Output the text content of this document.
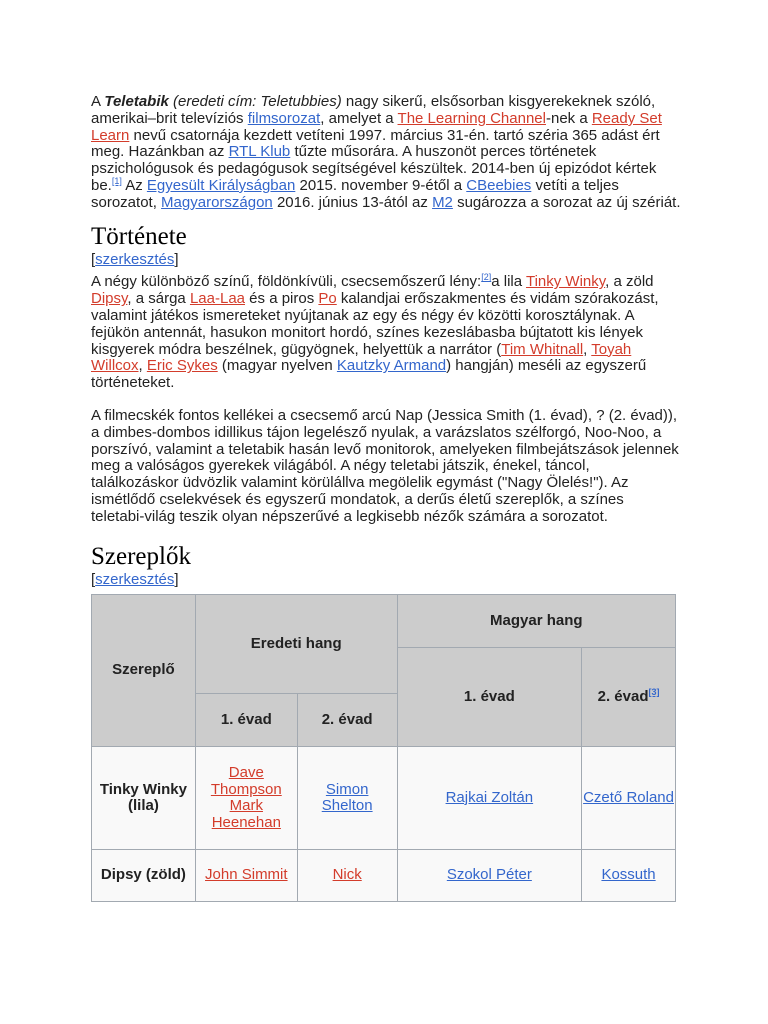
A Teletabik (eredeti cím: Teletubbies) nagy sikerű, elsősorban kisgyerekeknek szóló, amerikai–brit televíziós filmsorozat, amelyet a The Learning Channel-nek a Ready Set Learn nevű csatornája kezdett vetíteni 1997. március 31-én. tartó széria 365 adást ért meg. Hazánkban az RTL Klub tűzte műsorára. A huszonöt perces történetek pszichológusok és pedagógusok segítségével készültek. 2014-ben új epizódot kértek be.[1] Az Egyesült Királyságban 2015. november 9-étől a CBeebies vetíti a teljes sorozatot, Magyarországon 2016. június 13-ától az M2 sugározza a sorozat az új szériát.

Története
[szerkesztés]

A négy különböző színű, földönkívüli, csecsemőszerű lény:[2]a lila Tinky Winky, a zöld Dipsy, a sárga Laa-Laa és a piros Po kalandjai erőszakmentes és vidám szórakozást, valamint játékos ismereteket nyújtanak az egy és négy év közötti korosztálynak. A fejükön antennát, hasukon monitort hordó, színes kezeslábasba bújtatott kis lények kisgyerek módra beszélnek, gügyögnek, helyettük a narrátor (Tim Whitnall, Toyah Willcox, Eric Sykes (magyar nyelven Kautzky Armand) hangján) meséli az egyszerű történeteket.

A filmecskék fontos kellékei a csecsemő arcú Nap (Jessica Smith (1. évad), ? (2. évad)), a dimbes-dombos idillikus tájon legelésző nyulak, a varázslatos szélforgó, Noo-Noo, a porszívó, valamint a teletabik hasán levő monitorok, amelyeken filmbejátszások jelennek meg a valóságos gyerekek világából. A négy teletabi játszik, énekel, táncol, találkozáskor üdvözlik valamint körülállva megölelik egymást ("Nagy Ölelés!"). Az ismétlődő cselekvések és egyszerű mondatok, a derűs életű szereplők, a színes teletabi-világ teszik olyan népszerűvé a legkisebb nézők számára a sorozatot.

Szereplők
[szerkesztés]
Szereplő	Eredeti hang		Magyar hang	
			1. évad	2. évad[3]
	1. évad	2. évad		
Tinky Winky (lila)	Dave Thompson Mark Heenehan	Simon Shelton	Rajkai Zoltán	Czető Roland
Dipsy (zöld)	John Simmit	Nick	Szokol Péter	Kossuth
